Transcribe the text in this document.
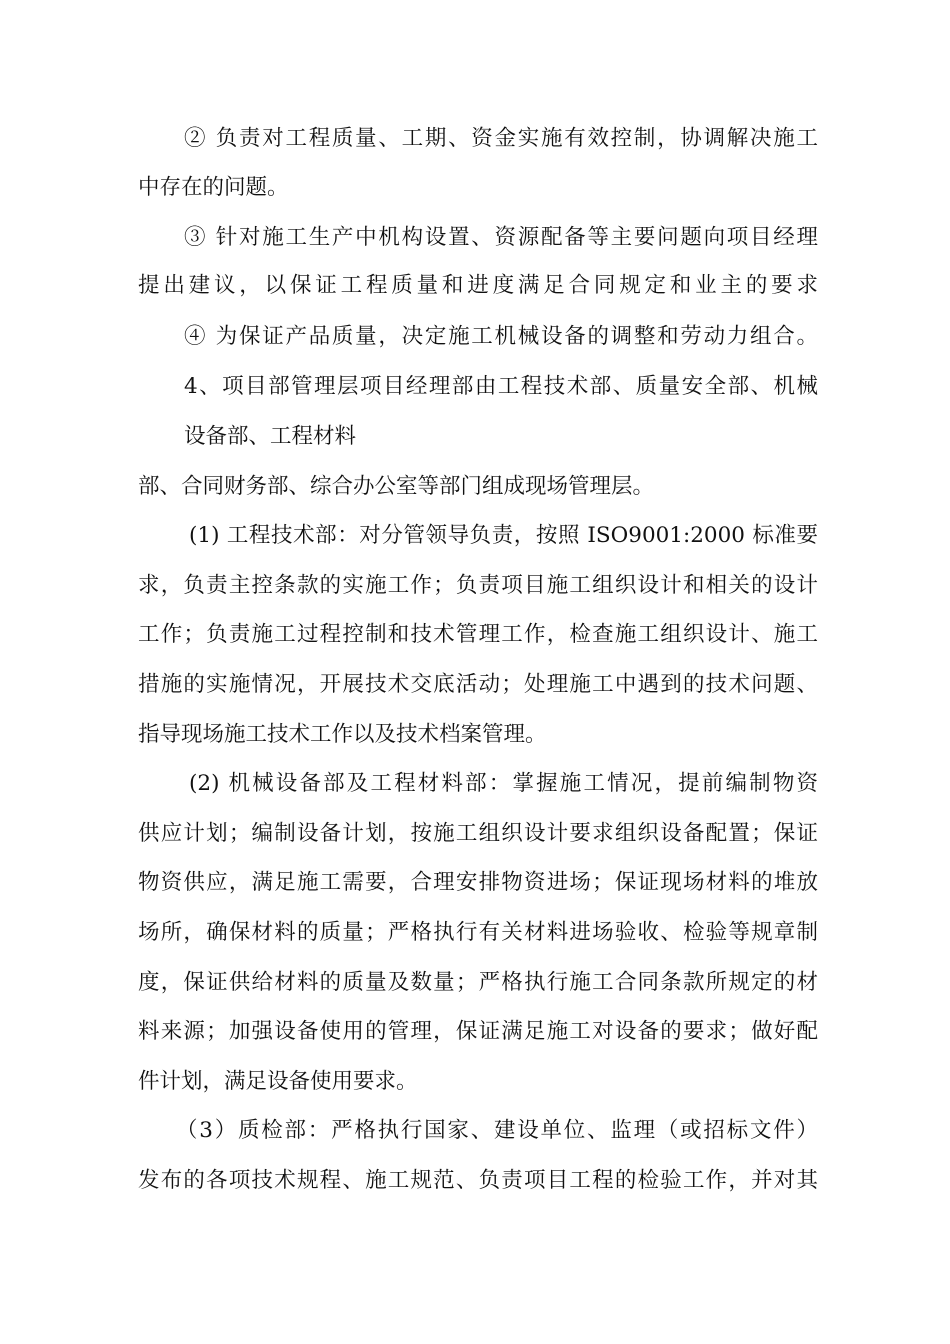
② 负责对工程质量、工期、资金实施有效控制，协调解决施工
中存在的问题。
③ 针对施工生产中机构设置、资源配备等主要问题向项目经理
提出建议，以保证工程质量和进度满足合同规定和业主的要求
④ 为保证产品质量，决定施工机械设备的调整和劳动力组合。
4、项目部管理层项目经理部由工程技术部、质量安全部、机械
设备部、工程材料
部、合同财务部、综合办公室等部门组成现场管理层。
(1) 工程技术部：对分管领导负责，按照 ISO9001:2000 标准要
求，负责主控条款的实施工作；负责项目施工组织设计和相关的设计
工作；负责施工过程控制和技术管理工作，检查施工组织设计、施工
措施的实施情况，开展技术交底活动；处理施工中遇到的技术问题、
指导现场施工技术工作以及技术档案管理。
(2) 机械设备部及工程材料部：掌握施工情况，提前编制物资
供应计划；编制设备计划，按施工组织设计要求组织设备配置；保证
物资供应，满足施工需要，合理安排物资进场；保证现场材料的堆放
场所，确保材料的质量；严格执行有关材料进场验收、检验等规章制
度，保证供给材料的质量及数量；严格执行施工合同条款所规定的材
料来源；加强设备使用的管理，保证满足施工对设备的要求；做好配
件计划，满足设备使用要求。
（3）质检部：严格执行国家、建设单位、监理（或招标文件）
发布的各项技术规程、施工规范、负责项目工程的检验工作，并对其
